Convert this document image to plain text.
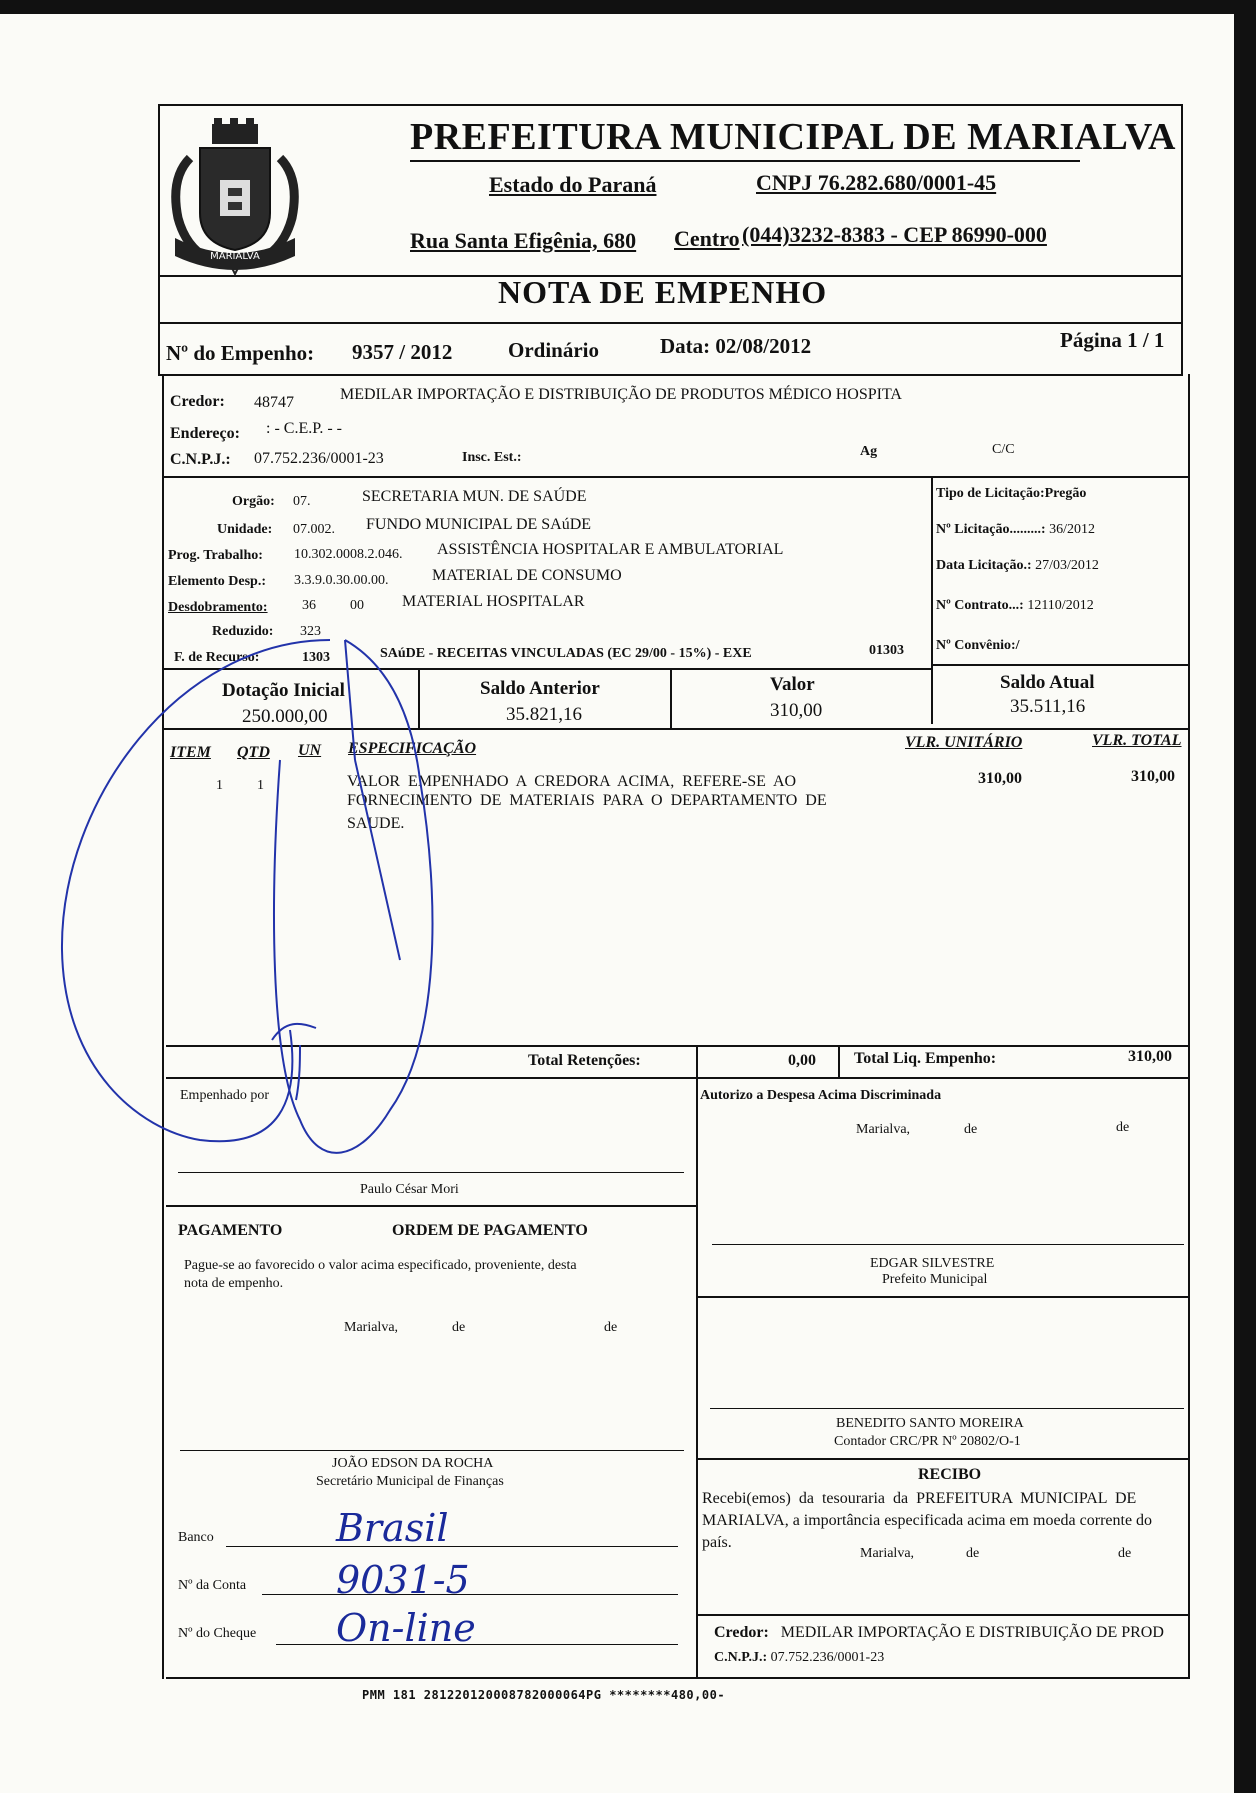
MARIALVA
PREFEITURA MUNICIPAL DE MARIALVA
Estado do Paraná	CNPJ 76.282.680/0001-45
Rua Santa Efigênia, 680 Centro (044)3232-8383 - CEP 86990-000
NOTA DE EMPENHO
Nº do Empenho: 9357 / 2012	Ordinário	Data: 02/08/2012	Página 1 / 1
Credor: 48747	MEDILAR IMPORTAÇÃO E DISTRIBUIÇÃO DE PRODUTOS MÉDICO HOSPITA
Endereço: : - C.E.P. - -
C.N.P.J.: 07.752.236/0001-23	Insc. Est.:	Ag	C/C
Orgão: 07.	SECRETARIA MUN. DE SAÚDE
Unidade: 07.002. FUNDO MUNICIPAL DE SAúDE
Prog. Trabalho: 10.302.0008.2.046. ASSISTÊNCIA HOSPITALAR E AMBULATORIAL
Elemento Desp.: 3.3.9.0.30.00.00.	MATERIAL DE CONSUMO
Desdobramento: 36 00 MATERIAL HOSPITALAR
Reduzido: 323
F. de Recurso:	1303	SAúDE - RECEITAS VINCULADAS (EC 29/00 - 15%) - EXE	01303
Tipo de Licitação:Pregão
Nº Licitação.........: 36/2012
Data Licitação.: 27/03/2012
Nº Contrato...: 12110/2012
Nº Convênio:/
Dotação Inicial
250.000,00
Saldo Anterior
35.821,16
Valor
310,00
Saldo Atual
35.511,16
ITEM QTD UN ESPECIFICAÇÃO	VLR. UNITÁRIO	VLR. TOTAL
1 1	VALOR  EMPENHADO  A  CREDORA  ACIMA,  REFERE-SE  AO
FORNECIMENTO  DE  MATERIAIS  PARA  O  DEPARTAMENTO  DE
SAUDE.
310,00	310,00
Total Retenções:	0,00 Total Liq. Empenho:	310,00
Empenhado por
Paulo César Mori
Autorizo a Despesa Acima Discriminada
Marialva,	de	de
EDGAR SILVESTRE
Prefeito Municipal
PAGAMENTO	ORDEM DE PAGAMENTO
Pague-se ao favorecido o valor acima especificado, proveniente, desta
nota de empenho.
Marialva,	de	de
BENEDITO SANTO MOREIRA
Contador CRC/PR Nº 20802/O-1
JOÃO EDSON DA ROCHA
Secretário Municipal de Finanças	RECIBO
Recebi(emos)  da  tesouraria  da  PREFEITURA  MUNICIPAL  DE
MARIALVA, a importância especificada acima em moeda corrente do
país.
Marialva,	de	de
Credor: MEDILAR IMPORTAÇÃO E DISTRIBUIÇÃO DE PROD
C.N.P.J.: 07.752.236/0001-23
Banco	Brasil
Nº da Conta 9031-5
Nº do Cheque On-line
PMM 181 281220120008782000064PG ********480,00-
